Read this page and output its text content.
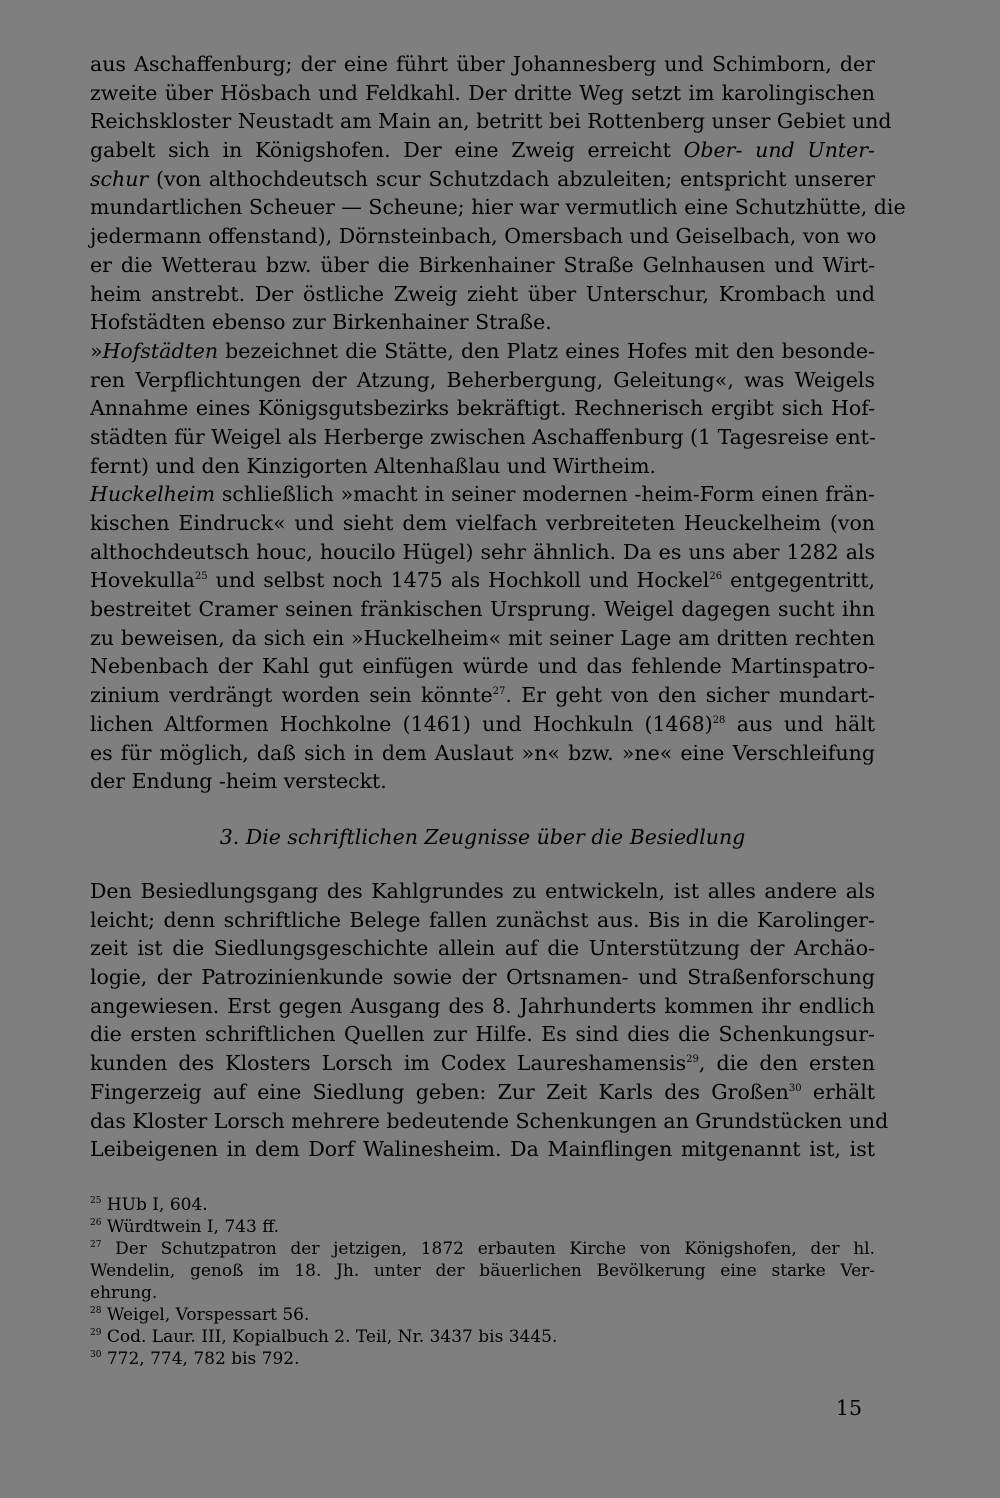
aus Aschaffenburg; der eine führt über Johannesberg und Schimborn, der
zweite über Hösbach und Feldkahl. Der dritte Weg setzt im karolingischen
Reichskloster Neustadt am Main an, betritt bei Rottenberg unser Gebiet und
gabelt sich in Königshofen. Der eine Zweig erreicht Ober- und Unter-
schur (von althochdeutsch scur Schutzdach abzuleiten; entspricht unserer
mundartlichen Scheuer — Scheune; hier war vermutlich eine Schutzhütte, die
jedermann offenstand), Dörnsteinbach, Omersbach und Geiselbach, von wo
er die Wetterau bzw. über die Birkenhainer Straße Gelnhausen und Wirt-
heim anstrebt. Der östliche Zweig zieht über Unterschur, Krombach und
Hofstädten ebenso zur Birkenhainer Straße.
»Hofstädten bezeichnet die Stätte, den Platz eines Hofes mit den besonde-
ren Verpflichtungen der Atzung, Beherbergung, Geleitung«, was Weigels
Annahme eines Königsgutsbezirks bekräftigt. Rechnerisch ergibt sich Hof-
städten für Weigel als Herberge zwischen Aschaffenburg (1 Tagesreise ent-
fernt) und den Kinzigorten Altenhaßlau und Wirtheim.
Huckelheim schließlich »macht in seiner modernen -heim-Form einen frän-
kischen Eindruck« und sieht dem vielfach verbreiteten Heuckelheim (von
althochdeutsch houc, houcilo Hügel) sehr ähnlich. Da es uns aber 1282 als
Hovekulla$^{25}$ und selbst noch 1475 als Hochkoll und Hockel$^{26}$ entgegentritt,
bestreitet Cramer seinen fränkischen Ursprung. Weigel dagegen sucht ihn
zu beweisen, da sich ein »Huckelheim« mit seiner Lage am dritten rechten
Nebenbach der Kahl gut einfügen würde und das fehlende Martinspatro-
zinium verdrängt worden sein könnte$^{27}$. Er geht von den sicher mundart-
lichen Altformen Hochkolne (1461) und Hochkuln $(1468)^{28}$ aus und hält
es für möglich, daß sich in dem Auslaut »n« bzw. »ne« eine Verschleifung
der Endung -heim versteckt.
3. Die schriftlichen Zeugnisse über die Besiedlung
Den Besiedlungsgang des Kahlgrundes zu entwickeln, ist alles andere als
leicht; denn schriftliche Belege fallen zunächst aus. Bis in die Karolinger-
zeit ist die Siedlungsgeschichte allein auf die Unterstützung der Archäo-
logie, der Patrozinienkunde sowie der Ortsnamen- und Straßenforschung
angewiesen. Erst gegen Ausgang des 8. Jahrhunderts kommen ihr endlich
die ersten schriftlichen Quellen zur Hilfe. Es sind dies die Schenkungsur-
kunden des Klosters Lorsch im Codex Laureshamensis$^{29}$, die den ersten
Fingerzeig auf eine Siedlung geben: Zur Zeit Karls des Großen$^{30}$ erhält
das Kloster Lorsch mehrere bedeutende Schenkungen an Grundstücken und
Leibeigenen in dem Dorf Walinesheim. Da Mainflingen mitgenannt ist, ist
$^{25}$ HUb I, 604.
$^{26}$ Würdtwein I, 743 ff.
$^{27}$ Der Schutzpatron der jetzigen, 1872 erbauten Kirche von Königshofen, der hl.
Wendelin, genoß im 18. Jh. unter der bäuerlichen Bevölkerung eine starke Ver-
ehrung.
$^{28}$ Weigel, Vorspessart 56.
$^{29}$ Cod. Laur. III, Kopialbuch 2. Teil, Nr. 3437 bis 3445.
$^{30}$ 772, 774, 782 bis 792.
15
